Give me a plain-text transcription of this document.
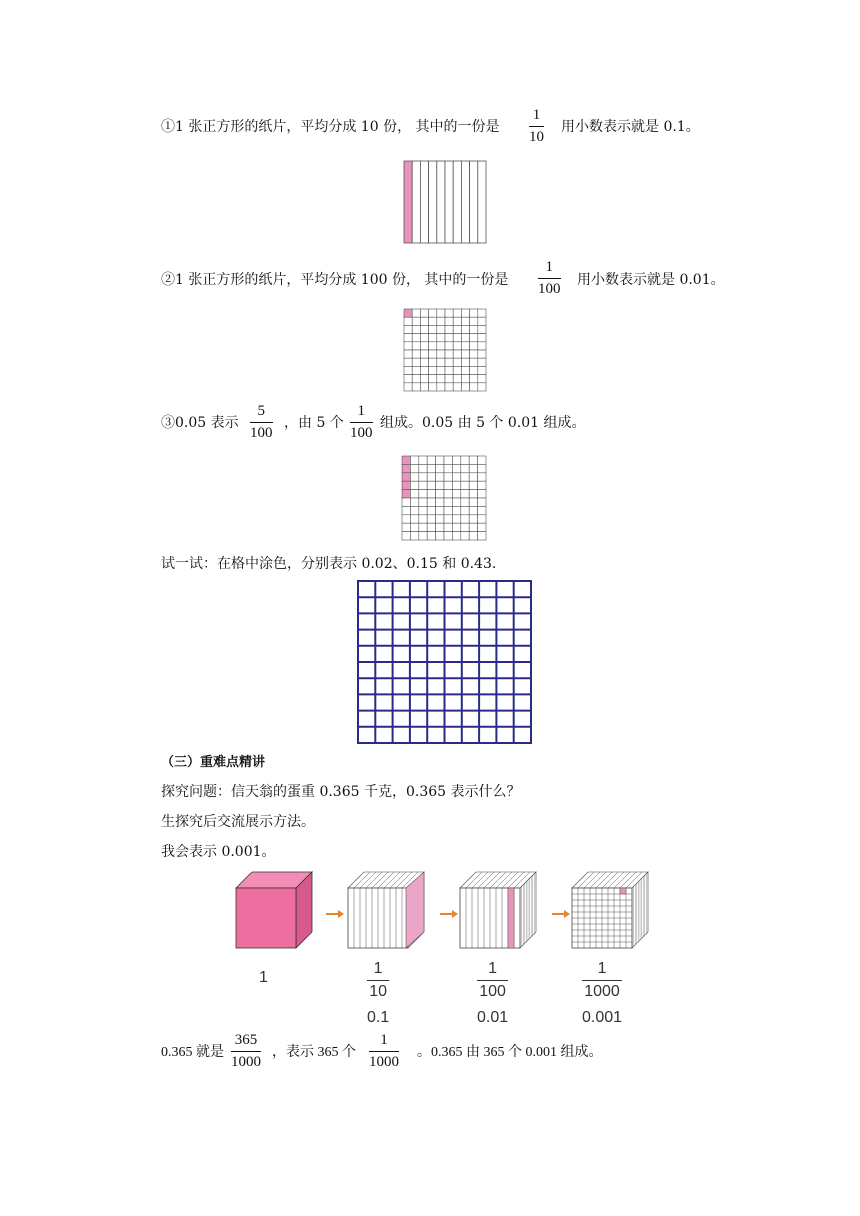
①1 张正方形的纸片，平均分成 10 份， 其中的一份是
1
10
用小数表示就是 0.1。
②1 张正方形的纸片，平均分成 100 份， 其中的一份是
1
100
用小数表示就是 0.01。
③0.05 表示
5
100
，由 5 个
1
100
组成。0.05 由 5 个 0.01 组成。
试一试：在格中涂色，分别表示 0.02、0.15 和 0.43.
（三）重难点精讲
探究问题：信天翁的蛋重 0.365 千克，0.365 表示什么？
生探究后交流展示方法。
我会表示 0.001。
1
1
10
0.1
1
100
0.01
1
1000
0.001
0.365 就是
365
1000
，表示 365 个
1
1000
。0.365 由 365 个 0.001 组成。
